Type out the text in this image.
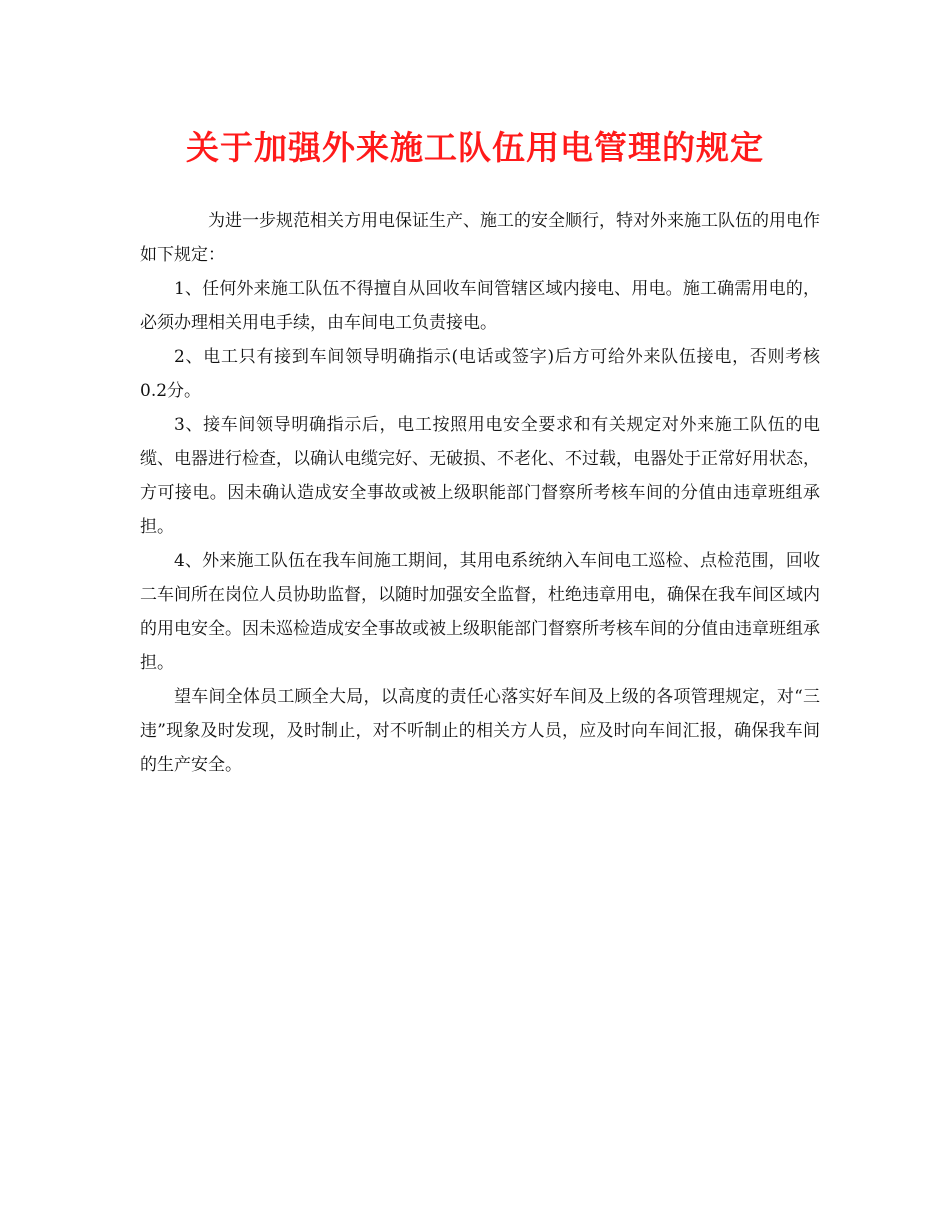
关于加强外来施工队伍用电管理的规定

为进一步规范相关方用电保证生产、施工的安全顺行，特对外来施工队伍的用电作如下规定：

1、任何外来施工队伍不得擅自从回收车间管辖区域内接电、用电。施工确需用电的，必须办理相关用电手续，由车间电工负责接电。

2、电工只有接到车间领导明确指示(电话或签字)后方可给外来队伍接电，否则考核0.2分。

3、接车间领导明确指示后，电工按照用电安全要求和有关规定对外来施工队伍的电缆、电器进行检查，以确认电缆完好、无破损、不老化、不过载，电器处于正常好用状态，方可接电。因未确认造成安全事故或被上级职能部门督察所考核车间的分值由违章班组承担。

4、外来施工队伍在我车间施工期间，其用电系统纳入车间电工巡检、点检范围，回收二车间所在岗位人员协助监督，以随时加强安全监督，杜绝违章用电，确保在我车间区域内的用电安全。因未巡检造成安全事故或被上级职能部门督察所考核车间的分值由违章班组承担。

望车间全体员工顾全大局，以高度的责任心落实好车间及上级的各项管理规定，对“三违”现象及时发现，及时制止，对不听制止的相关方人员，应及时向车间汇报，确保我车间的生产安全。
